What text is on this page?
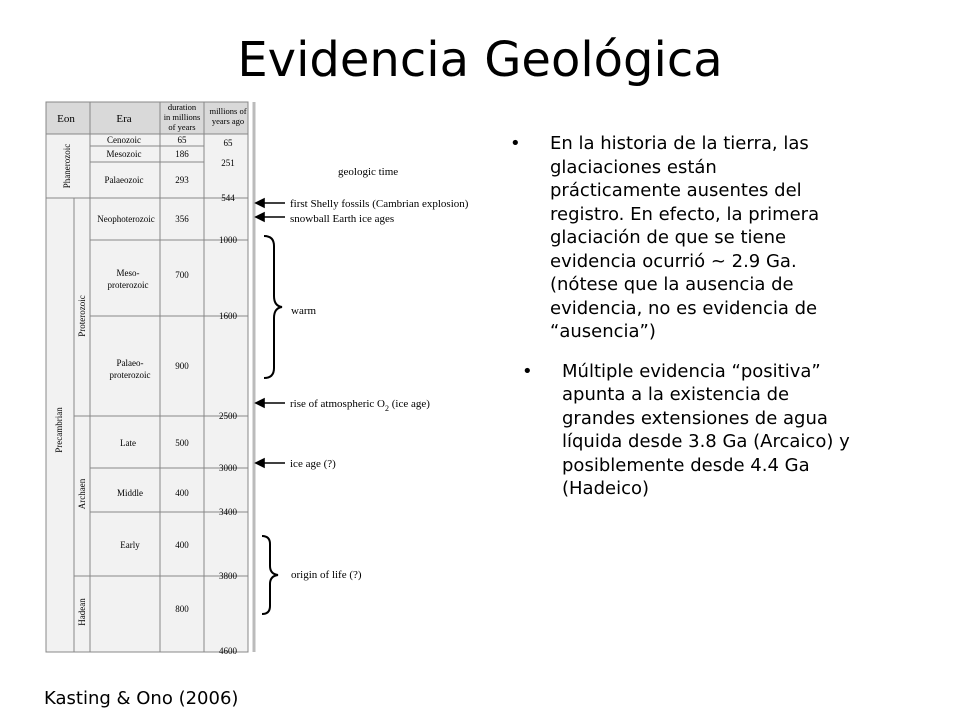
Evidencia Geológica
Eon	Era
duration
in millions
of years
millions of
years ago
Phanerozoic
Precambrian
Proterozoic
Archaen
Hadean
Cenozoic
Mesozoic
Palaeozoic
Neophoterozoic
Meso-
proterozoic
Palaeo-
proterozoic
Late
Middle
Early
65
186
293
356
700
900
500
400
400
800
65
251
544
1000
1600
2500
3000
3400
3800
4600
geologic time
first Shelly fossils (Cambrian explosion)
snowball Earth ice ages
warm
rise of atmospheric $O_2$ (ice age)
ice age (?)
origin of life (?)
• En la historia de la tierra, las glaciaciones están prácticamente ausentes del registro. En efecto, la primera glaciación de que se tiene evidencia ocurrió ~ 2.9 Ga. (nótese que la ausencia de evidencia, no es evidencia de “ausencia”)
• Múltiple evidencia “positiva” apunta a la existencia de grandes extensiones de agua líquida desde 3.8 Ga (Arcaico) y posiblemente desde 4.4 Ga (Hadeico)
Kasting & Ono (2006)
